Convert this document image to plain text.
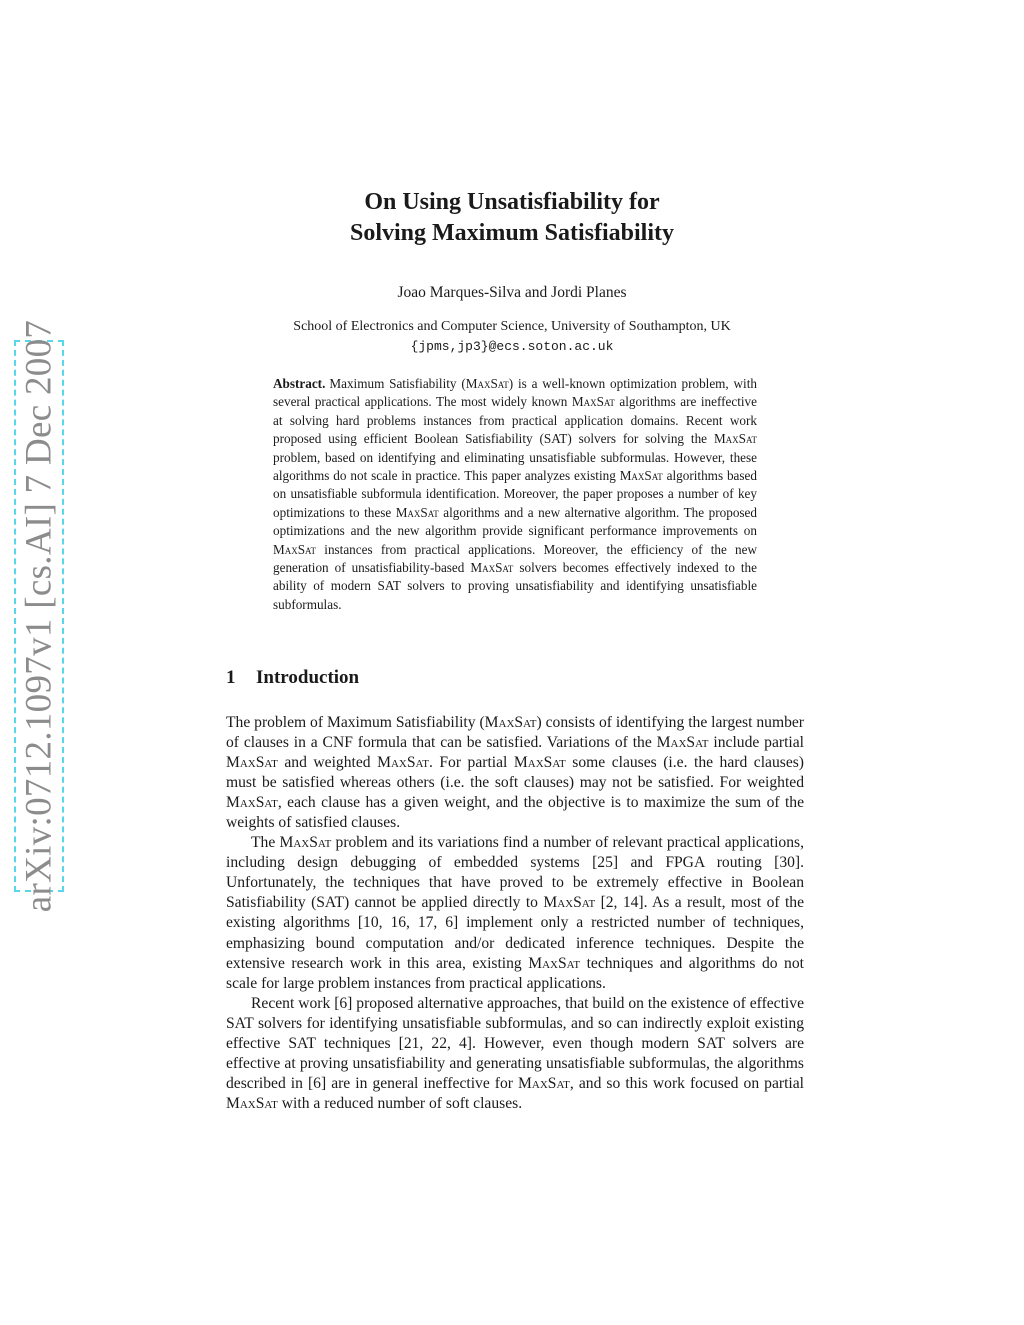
arXiv:0712.1097v1 [cs.AI] 7 Dec 2007
On Using Unsatisfiability for
Solving Maximum Satisfiability
Joao Marques-Silva and Jordi Planes
School of Electronics and Computer Science, University of Southampton, UK
{jpms,jp3}@ecs.soton.ac.uk
Abstract. Maximum Satisfiability (MaxSat) is a well-known optimization problem, with several practical applications. The most widely known MaxSat algorithms are ineffective at solving hard problems instances from practical application domains. Recent work proposed using efficient Boolean Satisfiability (SAT) solvers for solving the MaxSat problem, based on identifying and eliminating unsatisfiable subformulas. However, these algorithms do not scale in practice. This paper analyzes existing MaxSat algorithms based on unsatisfiable subformula identification. Moreover, the paper proposes a number of key optimizations to these MaxSat algorithms and a new alternative algorithm. The proposed optimizations and the new algorithm provide significant performance improvements on MaxSat instances from practical applications. Moreover, the efficiency of the new generation of unsatisfiability-based MaxSat solvers becomes effectively indexed to the ability of modern SAT solvers to proving unsatisfiability and identifying unsatisfiable subformulas.
1 Introduction

The problem of Maximum Satisfiability (MaxSat) consists of identifying the largest number of clauses in a CNF formula that can be satisfied. Variations of the MaxSat include partial MaxSat and weighted MaxSat. For partial MaxSat some clauses (i.e. the hard clauses) must be satisfied whereas others (i.e. the soft clauses) may not be satisfied. For weighted MaxSat, each clause has a given weight, and the objective is to maximize the sum of the weights of satisfied clauses.

The MaxSat problem and its variations find a number of relevant practical applications, including design debugging of embedded systems [25] and FPGA routing [30]. Unfortunately, the techniques that have proved to be extremely effective in Boolean Satisfiability (SAT) cannot be applied directly to MaxSat [2, 14]. As a result, most of the existing algorithms [10, 16, 17, 6] implement only a restricted number of techniques, emphasizing bound computation and/or dedicated inference techniques. Despite the extensive research work in this area, existing MaxSat techniques and algorithms do not scale for large problem instances from practical applications.

Recent work [6] proposed alternative approaches, that build on the existence of effective SAT solvers for identifying unsatisfiable subformulas, and so can indirectly exploit existing effective SAT techniques [21, 22, 4]. However, even though modern SAT solvers are effective at proving unsatisfiability and generating unsatisfiable subformulas, the algorithms described in [6] are in general ineffective for MaxSat, and so this work focused on partial MaxSat with a reduced number of soft clauses.
